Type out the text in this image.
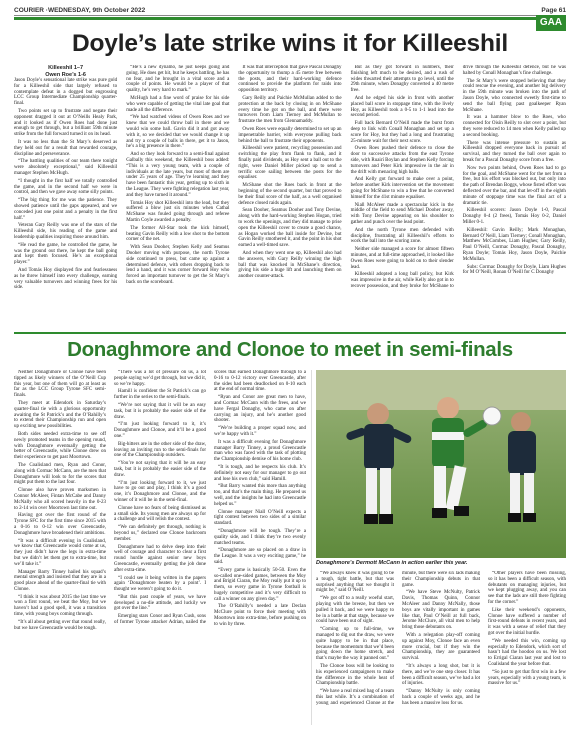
COURIER ·WEDNESDAY, 9th October 2022	Page 61
GAA
Doyle’s late strike wins it for Killeeshil
Killeeshil 1–7
Owen Roe’s 1-6

Jason Doyle’s sensational late strike was pure gold for a Killeeshil side that largely refused to contemplate defeat in a dogged but engrossing LCC Group Intermediate Championship quarter-final.

Two points set up to frustrate and negate their opponent dragged it out at O’Neills Healy Park, and it looked as if Owen Roes had done just enough to get through, but a brilliant 59th minute strike from the full forward turned it on its head.

It was no less than the St Mary’s deserved as they held out for a result that rewarded courage, discipline and perseverance.

“The battling qualities of our team there tonight were absolutely exceptional,” said Killeeshil manager Stephen McHugh.

“I thought in the first half we totally controlled the game, and in the second half we were in control, and then we gave away some silly points.

“The big thing for me was the patience. They showed patience until the gaps appeared, and we conceded just one point and a penalty in the first half.”

Veteran Gary Reilly was one of the stars of the Killeeshil side, his reading of the game and leadership qualities inspiring those around him.

“He read the game, he controlled the game, he was the ground out there, he kept the ball going and kept them focused. He’s an exceptional player.”

And Tomás Hoy displayed fire and fearlessness as he threw himself into every challenge, earning very valuable turnovers and winning frees for his side.

“He’s a new dynamo, he just keeps going and going. He does get hit, but he keeps battling, he has no fear, and he brought in a vital score and a couple of points. He would be a player of that quality, he’s very hard to mark.”

McHugh had a fine word of praise for his side who were capable of getting the vital late goal that made all the difference.

“We had watched videos of Owen Roes and we knew that we could throw ball in there and we would win some ball. Gavin did it and got away with it, so we decided that we would change it up and try a couple of balls in there, get it to Jason, he’s a big presence in there.”

And so they look forward to a semi-final against Galbally this weekend, the Killeeshil boss added: “This is a very young team, with a couple of individuals at the late years, but most of them are under 25 years of age. They’re learning and they have been fantastic this year, getting up to sixth in the League. They were fighting relegation last year, and they have turned it around.”

Tomás Hoy shot Killeeshil into the lead, but they suffered a blow just six minutes when Cathal McShane was fouled going through and referee Martin Coyle awarded a penalty.

The former All-Star took the kick himself, beating Gavin Reilly with a low shot to the bottom corner of the net.

With Sean Dooher, Stephen Kelly and Seamus Dooher moving with purpose, the north Tyrone side continued to press, but came up against a determined defence, with others dropping back to lend a hand, and it was corner forward Hoy who forced an important turnover to get the St Mary’s back on the scoreboard.

It was that interception that gave Pascal Donaghy the opportunity to thump a 45 metre free between the posts, and their hard-working defence continued to provide the platform for raids into opposition territory.

Gary Reilly and Paichie McMullan added to the protection at the back by closing in on McShane every time he got on the ball, and there were turnovers from Liam Tierney and McMullan to frustrate the men from Glennamaddy.

Owen Roes were equally determined to set up an impenetrable barrier, with everyone pulling back behind the ball to frustrate their opponents.

Killeeshil were patient, recycling possession and switching the play from flank to flank, and it finally paid dividends, as Hoy sent a ball out to the right, were Daniel Miller picked up to send a terrific score sailing between the posts for the equaliser.

McShane shot the Roes back in front at the beginning of the second quarter, but that proved to be their final score of the half, as a well organised defence closed raids again.

Sean Dooher, Seamus Dooher and Tony Devine, along with the hard-working Stephen Hogan, tried to work the openings, and they did manage to prise open the Killeeshil cover to create a good chance, as Hogan worked the ball inside for Devine, but Gavin Reilly smothered it, and the point in his shot earned a well-timed save.

And when they went one up, Killeeshil also had the answers, with Gary Reilly winning the high ball that was knocked in McShane’s direction, giving his side a huge lift and launching them on another counter-attack.

But as they got forward in numbers, their finishing left much to be desired, and a rush of wides thwarted their attempts to go level, until the 29th minute, when Donaghy converted a 40 metre free.

And he edged his side in front with another placed ball score in stoppage time, with the lively Hoy, as Killeeshil took a 0-5 to 1-1 lead into the second period.

Full back Bernard O’Neill made the burst from deep to link with Conall Monaghan and set up a score for Hoy, but they had a long and frustrating 25-minute wait for their next score.

Owen Roes pushed their defence to close the door to successive attacks from the east Tyrone side, with Ruairí Boylan and Stephen Kelly forcing turnovers and Peter Kirk impressive in the air in the drift with menacing high balls.

And Kelly got forward to make over a point, before another Kirk intervention set the movement going for McShane to win a free that he converted himself for the 41st minute equaliser.

Niall McAleer made a spectacular kick in the middle of the field to send Michael Dooher away, with Tony Devine appearing on his shoulder to gather and punch over the lead point.

And the north Tyrone men defended with discipline, frustrating all Killeeshil’s efforts to work the ball into the scoring zone.

Neither side managed a score for almost fifteen minutes, and at full-time approached, it looked like Owen Roes were going to hold on to their slender lead.

Killeeshil adopted a long ball policy, but Kirk was impressive in the air, while Kelly also got in to recover possession, and they broke for McShane to drive through the Killeeshil defence, but he was halted by Conall Monaghan’s fine challenge.

The St Mary’s were stopped believing that they could rescue the evening, and another big delivery in the 59th minute was broken into the path of Jason Doyle, who connected sweetly first-time to send the ball flying past goalkeeper Ryan McShane.

It was a hammer blow to the Roes, who connected for Oisín Reilly to slot over a point, but they were reduced to 14 men when Kelly pulled up a second booking.

There was intense pressure to sustain as Killeeshil dropped everyone back in pursuit of survival, and they turned the ball over again to break for a Pascal Donaghy score from a free.

Now two points behind, Owen Roes had to go for the goal, and McShane went for the net from a free, but his effort was blocked out, but only into the path of Brendan Boggs, whose fisted effort was deflected over the bar, and that let-off in the eighth minute of stoppage time was the final act of a dramatic tie.

Killeeshil scorers: Jason Doyle 1-0, Pascal Donaghy 0-4 (2 frees), Tomás Hoy 0-2, Daniel Miller 0-1.

Killeeshil: Gavin Reilly; Mark Monaghan, Bernard O’Neill, Liam Tierney; Conall Monaghan, Matthew McCombes, Liam Hughes; Gary Reilly, Paul O’Neill, Cormac Donaghy, Pascal Donaghy, Ryan Doyle; Tomás Hoy, Jason Doyle, Paichie McMullan.

Subs: Cormac Donaghy for Doyle, Liam Hughes for M O’Neill, Ronan O’Neill for C Donaghy

Donaghmore and Clonoe to meet in semi-finals

Neither Donaghmore or Clonoe have been tipped as likely winners of the O’Neill Cup this year, but one of them will go at least as far as the LCC Group Tyrone SFC semi-finals.

They meet at Edendork in Saturday’s quarter-final tie with a glorious opportunity awaiting the St Patrick’s and the O’Rahilly’s to extend their Championship run and open up exciting new possibilities.

Both sides needed extra-time to see off newly promoted teams in the opening round, with Donaghmore eventually getting the better of Greencastle, while Clonoe drew on their experience to get past Moortown.

The Coalisland men, Ryan and Conor, along with Cormac McCann, are the men that Donaghmore will look to for the scores that might put them to the last four.

Clonoe also have proven marksmen in Connor McAleer, Fintan McCabe and Danny McNally who all scored heavily in the 0-23 to 2-14 win over Moortown last time out.

Having got over the first round of the Tyrone SFC for the first time since 2015 with a 0-16 to 0-12 win over Greencastle, Donaghmore have broadened their ambitions.

“It was a difficult evening in Coalisland, we know that Greencastle would come at us, they just didn’t have the legs in extra-time but we didn’t let them get to extra-time, but we’ll take it.”

Manager Barry Tinney hailed his squad’s mental strength and insisted that they are in a good place ahead of the quarter-final tie with Clonoe.

“I think it was about 2015 the last time we won a first round, we beat the Moy, but we haven’t had a good spell, it was a transition time, with young boys coming through.

“It’s all about getting over that round really, but we have Greencastle would be tough.

“There was a lot of pressure on us, a lot people saying we’d get through, but we did it, so we’re happy.

Hamill is confident the St Patrick’s can go further in the series to the semi-finals.

“We’re not saying that it will be an easy task, but it is probably the easier side of the draw.

“I’m just looking forward to it, it’s Donaghmore and Clonoe, and it’ll be a good one.”

Big-hitters are in the other side of the draw, leaving an inviting run to the semi-finals for one of the Championship outsiders.

“You’re not saying that it will be an easy task, but it is probably the easier side of the draw.

“I’m just looking forward to it, we just have to go out and play, I think it’s a good one, it’s Donaghmore and Clonoe, and the winner of it will be in the semi-final.

Clonoe have no fears of being dismissed as a small side. Its young men are always up for a challenge and will relish the contest.

“We can definitely get through, nothing is beyond us,” declared one Clonoe backroom member.

Donaghmore had to delve deep into their well of courage and character to clear a first round hurdle against senior new boys Greencastle, eventually getting the job done after extra-time.

“I could see it being written in the papers again ‘Donaghmore beaten by a point’. I thought we weren’t going to do it.

“But this past couple of years, we have developed a no-die attitude, and luckily we got over the line.”

Emerging stars Conor and Ryan Cush, sons of former Tyrone attacker Adrian, nailed the scores that earned Donaghmore through to a 0-16 to 0-12 victory over Greencastle, after the sides had been deadlocked on 0-10 each at the end of normal time.

“Ryan and Conor are great men to have, and Cormac McCann with the frees, and we have Fergal Donaghy, who came on after carrying an injury, and he’s another good shooter.

“We’re building a proper squad now, and we’re happy with it.”

It was a difficult evening for Donaghmore manager Barry Tinney, a proud Greencastle man who was faced with the task of plotting the Championship demise of his home club.

“It is tough, and he respects his club. It’s definitely not easy for our manager to go out and lose his own club,” said Hamill.

“But Barry wanted this more than anything too, and that’s the main thing. He prepared us well, and the insights he had into Greencastle helped us.”

Clonoe manager Niall O’Neill expects a tight contest between two sides of a similar standard.

“Donaghmore will be tough. They’re a quality side, and I think they’re two evenly matched teams.

“Donaghmore are so placed on a draw in the League. It was a very exciting game,” he said.

“Every game is basically 50-50. Even the so-called one-sided games, between the Moy and Brigid Ciaran, the Moy really put it up to them, so every game in Tyrone football is hugely competitive and it’s very difficult to call a winner on any given day.”

The O’Rahilly’s needed a late Declan McClure point to force their meeting with Moortown into extra-time, before pushing on to win by three.

Donaghmore’s Dermott McCann in action earlier this year.

“We always knew it was going to be a tough, tight battle, but that was surprised anything that we thought it might be,” said O’Neill.

“We got off to a really woeful start, playing with the breeze, but then we pulled it back, and we were happy to be in a battle at that stage, because we could have been out of sight.

“Coming up to full-time, we managed to dig out the draw, we were quite happy to be in that place, because the momentum that we’d been going down the home stretch, and that’s maybe the way it panned out.”

The Clonoe boss will be looking to his experienced campaigners to make the difference in the whole heat of Championship battle.

“We have a real mixed bag of a team this last while. It’s a combination of young and experienced Clonoe at the minute, but there were six lads making their Championship debuts in that game.

“We have Steve McNulty, Patrick Davis, Thomas Quinn, Connor McAleer and Danny McNally, those boys are vitally important in games like that, Paul O’Neill at full back, Jerome McClure, all vital men to help bring those debutants on.

With a relegation play-off coming up against Moy, Clonoe face an even more crucial, but if they win the Championship, they are guaranteed survival.

“It’s always a long shot, but it is there, and we’re one step closer. It has been a difficult season, we’ve had a lot of injuries.

“Danny McNulty is only coming back a couple of weeks ago, and he has been a massive loss for us.

“Other players have been missing, so it has been a difficult season, with debutants on managing injuries, but we kept plugging away, and you can see that the lads are still there fighting for the corner.”

Like their weekend’s opponents, Clonoe have suffered a number of first-round defeats in recent years, and it was with a sense of relief that they got over the initial hurdle.

“We needed this win, coming up especially to Edendork, which sort of hasn’t had the hoodoo on us. We lost to Errigal Ciaran last year and lost to Coalisland the year before that.

“So just to get that first win in a few years, especially with a young team, is massive for us.”
